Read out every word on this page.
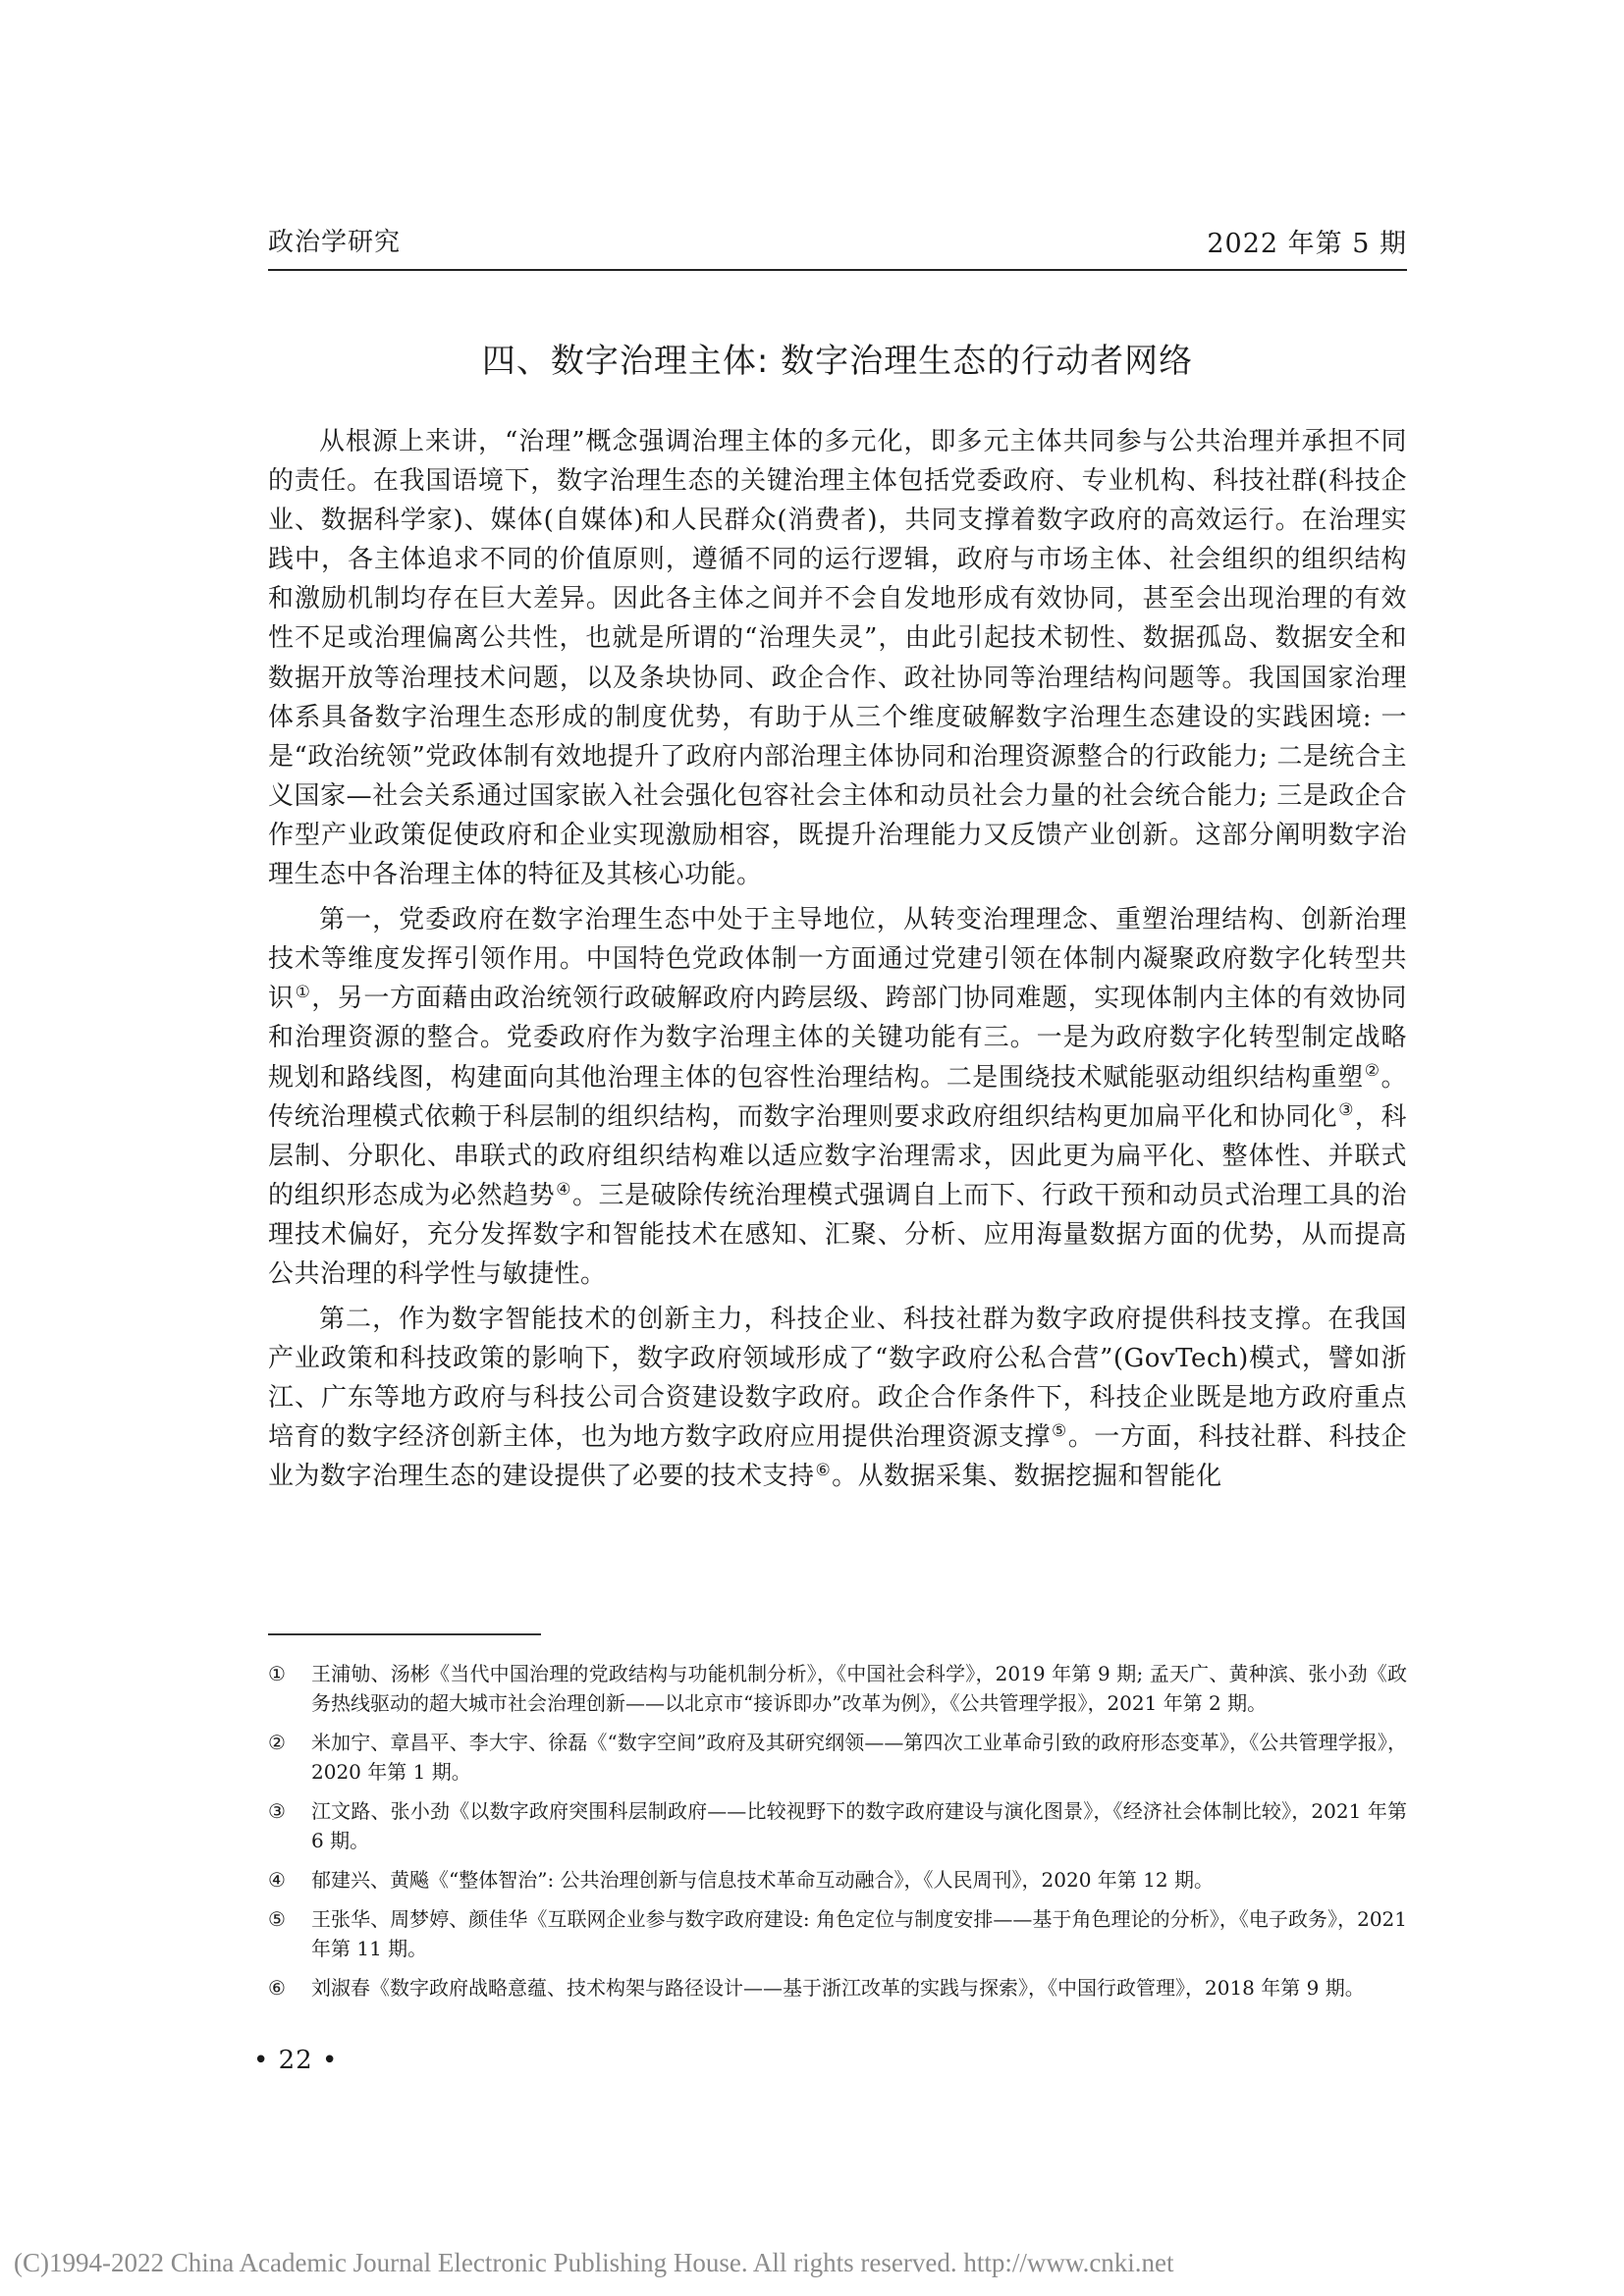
政治学研究	2022 年第 5 期
四、数字治理主体: 数字治理生态的行动者网络

从根源上来讲，“治理”概念强调治理主体的多元化，即多元主体共同参与公共治理并承担不同的责任。在我国语境下，数字治理生态的关键治理主体包括党委政府、专业机构、科技社群(科技企业、数据科学家)、媒体(自媒体)和人民群众(消费者)，共同支撑着数字政府的高效运行。在治理实践中，各主体追求不同的价值原则，遵循不同的运行逻辑，政府与市场主体、社会组织的组织结构和激励机制均存在巨大差异。因此各主体之间并不会自发地形成有效协同，甚至会出现治理的有效性不足或治理偏离公共性，也就是所谓的“治理失灵”，由此引起技术韧性、数据孤岛、数据安全和数据开放等治理技术问题，以及条块协同、政企合作、政社协同等治理结构问题等。我国国家治理体系具备数字治理生态形成的制度优势，有助于从三个维度破解数字治理生态建设的实践困境: 一是“政治统领”党政体制有效地提升了政府内部治理主体协同和治理资源整合的行政能力; 二是统合主义国家—社会关系通过国家嵌入社会强化包容社会主体和动员社会力量的社会统合能力; 三是政企合作型产业政策促使政府和企业实现激励相容，既提升治理能力又反馈产业创新。这部分阐明数字治理生态中各治理主体的特征及其核心功能。

第一，党委政府在数字治理生态中处于主导地位，从转变治理理念、重塑治理结构、创新治理技术等维度发挥引领作用。中国特色党政体制一方面通过党建引领在体制内凝聚政府数字化转型共识①，另一方面藉由政治统领行政破解政府内跨层级、跨部门协同难题，实现体制内主体的有效协同和治理资源的整合。党委政府作为数字治理主体的关键功能有三。一是为政府数字化转型制定战略规划和路线图，构建面向其他治理主体的包容性治理结构。二是围绕技术赋能驱动组织结构重塑②。传统治理模式依赖于科层制的组织结构，而数字治理则要求政府组织结构更加扁平化和协同化③，科层制、分职化、串联式的政府组织结构难以适应数字治理需求，因此更为扁平化、整体性、并联式的组织形态成为必然趋势④。三是破除传统治理模式强调自上而下、行政干预和动员式治理工具的治理技术偏好，充分发挥数字和智能技术在感知、汇聚、分析、应用海量数据方面的优势，从而提高公共治理的科学性与敏捷性。

第二，作为数字智能技术的创新主力，科技企业、科技社群为数字政府提供科技支撑。在我国产业政策和科技政策的影响下，数字政府领域形成了“数字政府公私合营”(GovTech)模式，譬如浙江、广东等地方政府与科技公司合资建设数字政府。政企合作条件下，科技企业既是地方政府重点培育的数字经济创新主体，也为地方数字政府应用提供治理资源支撑⑤。一方面，科技社群、科技企业为数字治理生态的建设提供了必要的技术支持⑥。从数据采集、数据挖掘和智能化

① 王浦劬、汤彬《当代中国治理的党政结构与功能机制分析》，《中国社会科学》，2019 年第 9 期; 孟天广、黄种滨、张小劲《政务热线驱动的超大城市社会治理创新——以北京市“接诉即办”改革为例》，《公共管理学报》，2021 年第 2 期。
② 米加宁、章昌平、李大宇、徐磊《“数字空间”政府及其研究纲领——第四次工业革命引致的政府形态变革》，《公共管理学报》，2020 年第 1 期。
③ 江文路、张小劲《以数字政府突围科层制政府——比较视野下的数字政府建设与演化图景》，《经济社会体制比较》，2021 年第 6 期。
④ 郁建兴、黄飚《“整体智治”: 公共治理创新与信息技术革命互动融合》，《人民周刊》，2020 年第 12 期。
⑤ 王张华、周梦婷、颜佳华《互联网企业参与数字政府建设: 角色定位与制度安排——基于角色理论的分析》，《电子政务》，2021 年第 11 期。
⑥ 刘淑春《数字政府战略意蕴、技术构架与路径设计——基于浙江改革的实践与探索》，《中国行政管理》，2018 年第 9 期。
• 22 •
(C)1994-2022 China Academic Journal Electronic Publishing House. All rights reserved. http://www.cnki.net
